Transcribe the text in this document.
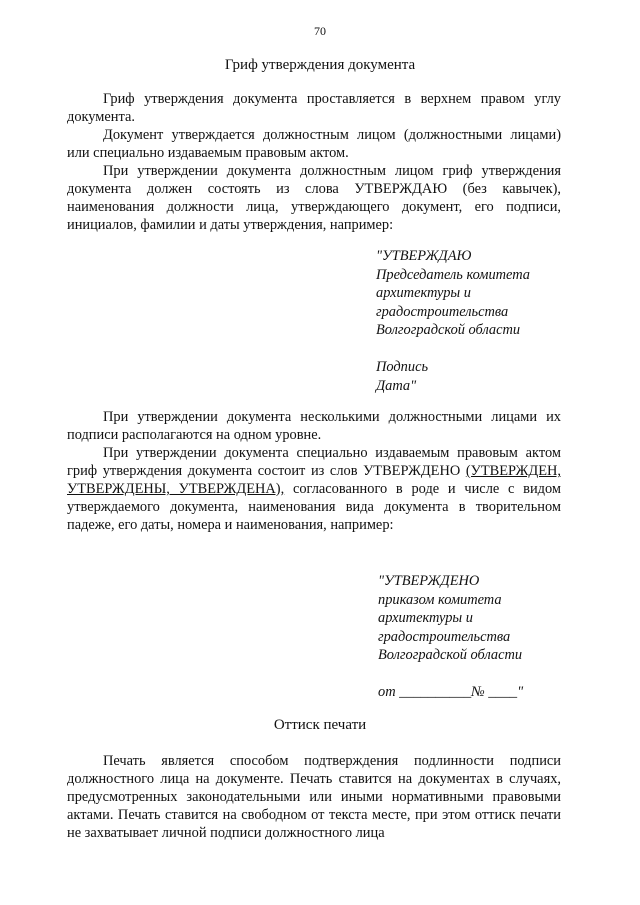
70
Гриф утверждения документа

Гриф утверждения документа проставляется в верхнем правом углу документа.

Документ утверждается должностным лицом (должностными лицами) или специально издаваемым правовым актом.

При утверждении документа должностным лицом гриф утверждения документа должен состоять из слова УТВЕРЖДАЮ (без кавычек), наименования должности лица, утверждающего документ, его подписи, инициалов, фамилии и даты утверждения, например:

"УТВЕРЖДАЮ
Председатель комитета
архитектуры и
градостроительства
Волгоградской области
Подпись
Дата"

При утверждении документа несколькими должностными лицами их подписи располагаются на одном уровне.

При утверждении документа специально издаваемым правовым актом гриф утверждения документа состоит из слов УТВЕРЖДЕНО (УТВЕРЖДЕН, УТВЕРЖДЕНЫ, УТВЕРЖДЕНА), согласованного в роде и числе с видом утверждаемого документа, наименования вида документа в творительном падеже, его даты, номера и наименования, например:

"УТВЕРЖДЕНО
приказом комитета
архитектуры и
градостроительства
Волгоградской области
от __________№ ____"
Оттиск печати

Печать является способом подтверждения подлинности подписи должностного лица на документе. Печать ставится на документах в случаях, предусмотренных законодательными или иными нормативными правовыми актами. Печать ставится на свободном от текста месте, при этом оттиск печати не захватывает личной подписи должностного лица
